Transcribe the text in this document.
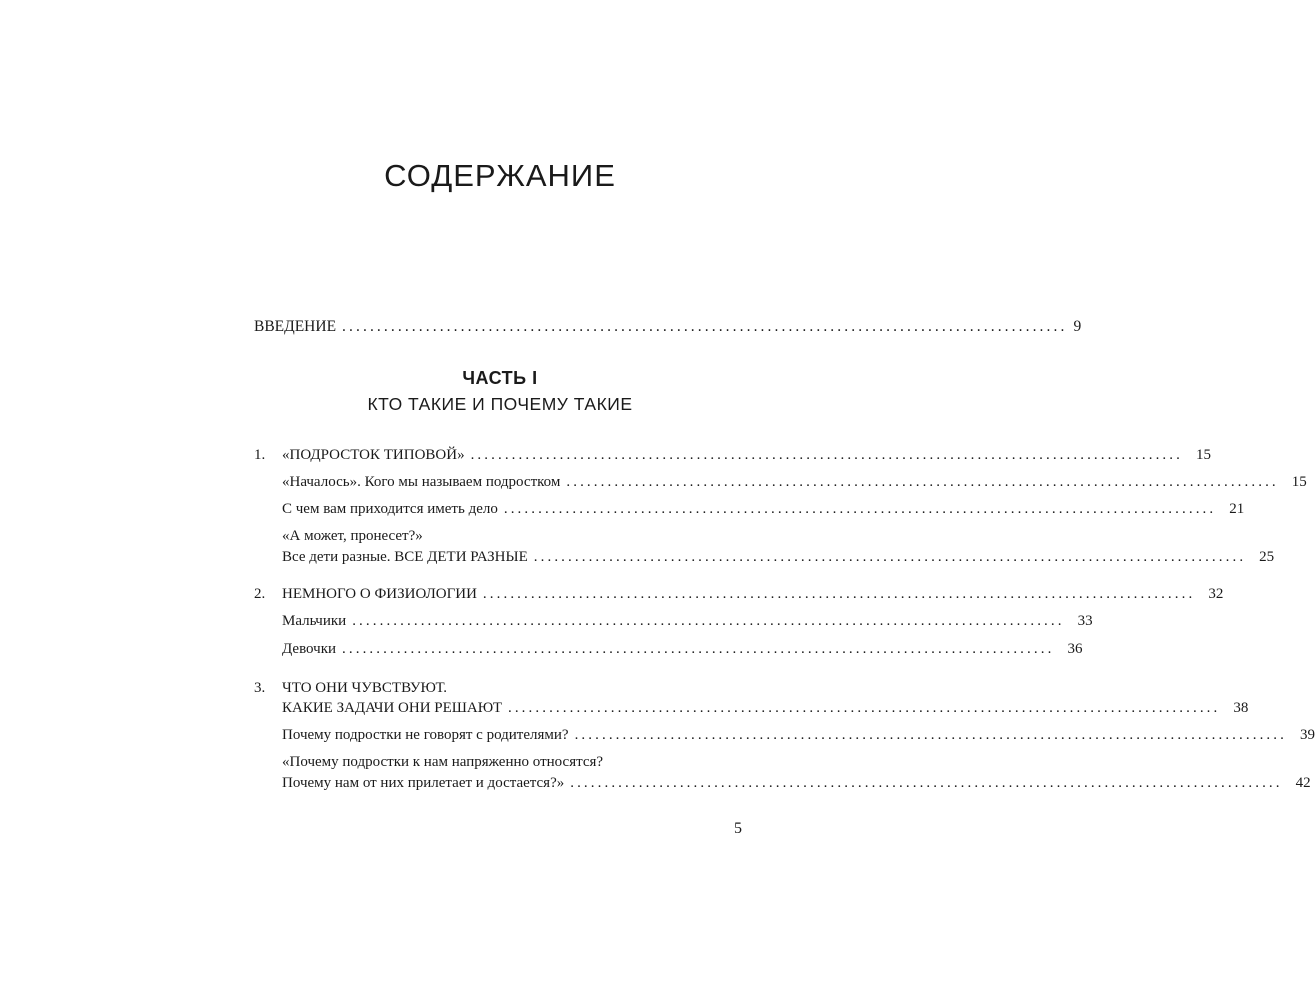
СОДЕРЖАНИЕ
ВВЕДЕНИЕ ........................................................................................................ 9
ЧАСТЬ I
КТО ТАКИЕ И ПОЧЕМУ ТАКИЕ
1.	«ПОДРОСТОК ТИПОВОЙ» ........................................................................................................ 15
«Началось». Кого мы называем подростком ........................................................................................................ 15
С чем вам приходится иметь дело ........................................................................................................ 21
«А может, пронесет?»
Все дети разные. ВСЕ ДЕТИ РАЗНЫЕ ........................................................................................................ 25
2.	НЕМНОГО О ФИЗИОЛОГИИ ........................................................................................................ 32
Мальчики ........................................................................................................ 33
Девочки ........................................................................................................ 36
3. ЧТО ОНИ ЧУВСТВУЮТ.
КАКИЕ ЗАДАЧИ ОНИ РЕШАЮТ ........................................................................................................ 38
Почему подростки не говорят с родителями? ........................................................................................................ 39
«Почему подростки к нам напряженно относятся?
Почему нам от них прилетает и достается?» ........................................................................................................ 42
5
